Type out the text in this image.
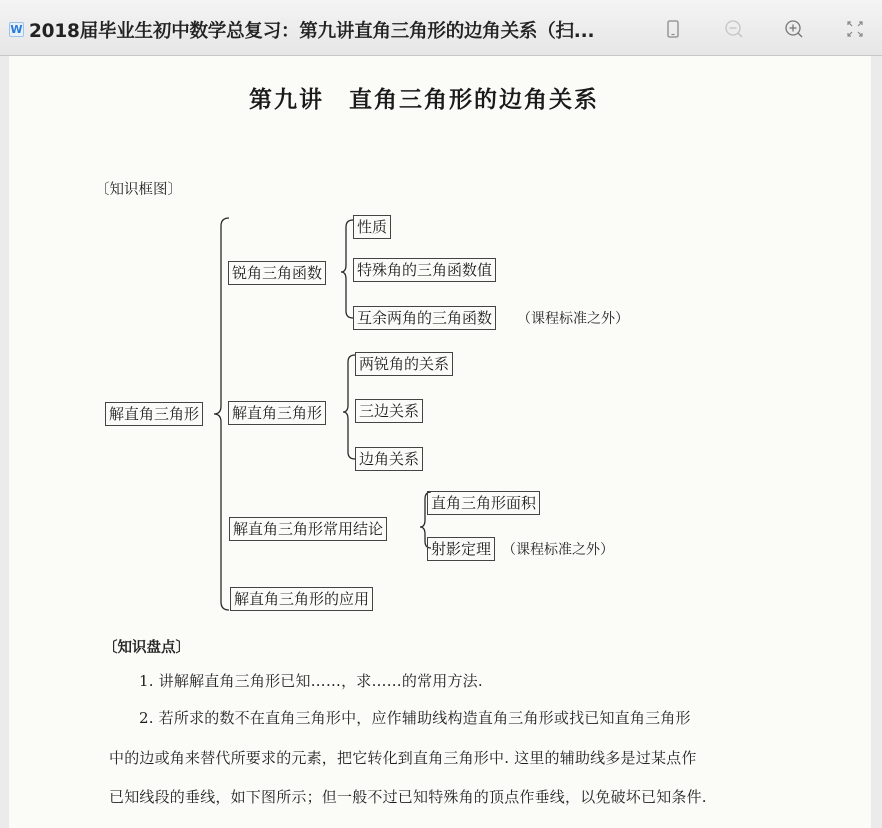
W 2018届毕业生初中数学总复习：第九讲直角三角形的边角关系（扫...
第九讲　直角三角形的边角关系
〔知识框图〕
解直角三角形
锐角三角函数
性质
特殊角的三角函数值
互余两角的三角函数 （课程标准之外）
解直角三角形
两锐角的关系
三边关系
边角关系
解直角三角形常用结论
直角三角形面积
射影定理 （课程标准之外）
解直角三角形的应用
〔知识盘点〕
1. 讲解解直角三角形已知……，求……的常用方法.
2. 若所求的数不在直角三角形中，应作辅助线构造直角三角形或找已知直角三角形
中的边或角来替代所要求的元素，把它转化到直角三角形中. 这里的辅助线多是过某点作
已知线段的垂线，如下图所示；但一般不过已知特殊角的顶点作垂线，以免破坏已知条件.
